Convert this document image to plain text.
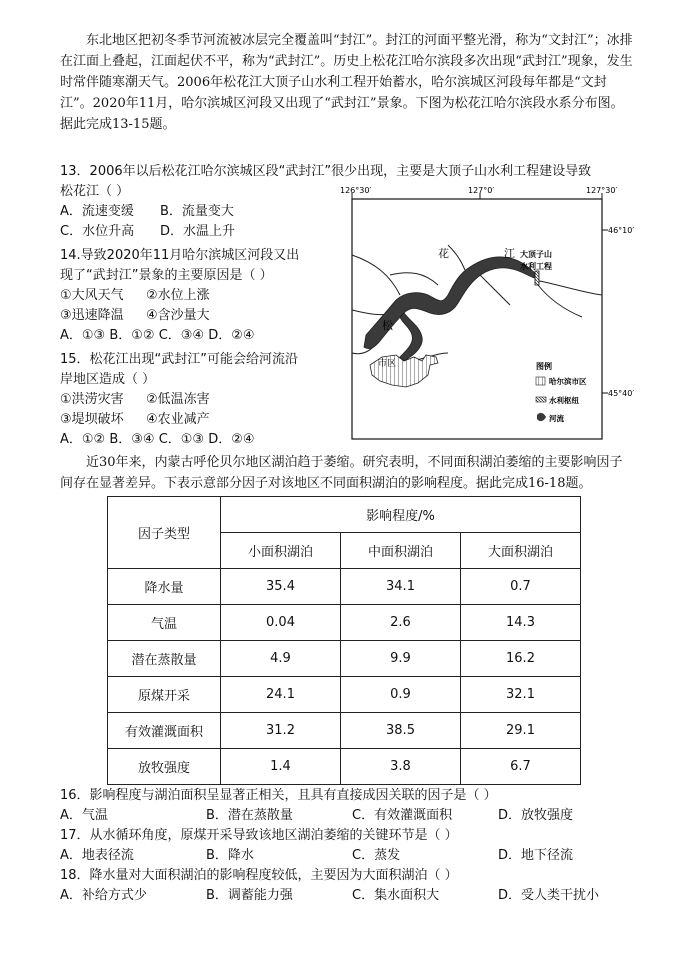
东北地区把初冬季节河流被冰层完全覆盖叫“封江”。封江的河面平整光滑，称为“文封江”；冰排在江面上叠起，江面起伏不平，称为“武封江”。历史上松花江哈尔滨段多次出现“武封江”现象，发生时常伴随寒潮天气。2006年松花江大顶子山水利工程开始蓄水，哈尔滨城区河段每年都是“文封江”。2020年11月，哈尔滨城区河段又出现了“武封江”景象。下图为松花江哈尔滨段水系分布图。据此完成13-15题。

13．2006年以后松花江哈尔滨城区段“武封江”很少出现，主要是大顶子山水利工程建设导致
松花江（ ）
A．流速变缓	B．流量变大
C．水位升高	D．水温上升
14.导致2020年11月哈尔滨城区河段又出
现了“武封江”景象的主要原因是（ ）
①大风天气	②水位上涨
③迅速降温	④含沙量大
A．①③ B．①② C．③④ D．②④
15．松花江出现“武封江”可能会给河流沿
岸地区造成（ ）
①洪涝灾害	②低温冻害
③堤坝破坏	④农业减产
A．①② B．③④ C．①③ D．②④
126°30′	127°0′	127°30′
46°10′
45°40′
市区
大顶子山
水利工程
花	江
松
图例
哈尔滨市区
水利枢纽
河流

近30年来，内蒙古呼伦贝尔地区湖泊趋于萎缩。研究表明，不同面积湖泊萎缩的主要影响因子间存在显著差异。下表示意部分因子对该地区不同面积湖泊的影响程度。据此完成16-18题。

因子类型	影响程度/%		
	小面积湖泊	中面积湖泊	大面积湖泊
降水量	35.4	34.1	0.7
气温	0.04	2.6	14.3
潜在蒸散量	4.9	9.9	16.2
原煤开采	24.1	0.9	32.1
有效灌溉面积	31.2	38.5	29.1
放牧强度	1.4	3.8	6.7
16．影响程度与湖泊面积呈显著正相关，且具有直接成因关联的因子是（ ）
A．气温	B．潜在蒸散量	C．有效灌溉面积	D．放牧强度
17．从水循环角度，原煤开采导致该地区湖泊萎缩的关键环节是（ ）
A．地表径流	B．降水	C．蒸发	D．地下径流
18．降水量对大面积湖泊的影响程度较低，主要因为大面积湖泊（ ）
A．补给方式少	B．调蓄能力强	C．集水面积大	D．受人类干扰小
